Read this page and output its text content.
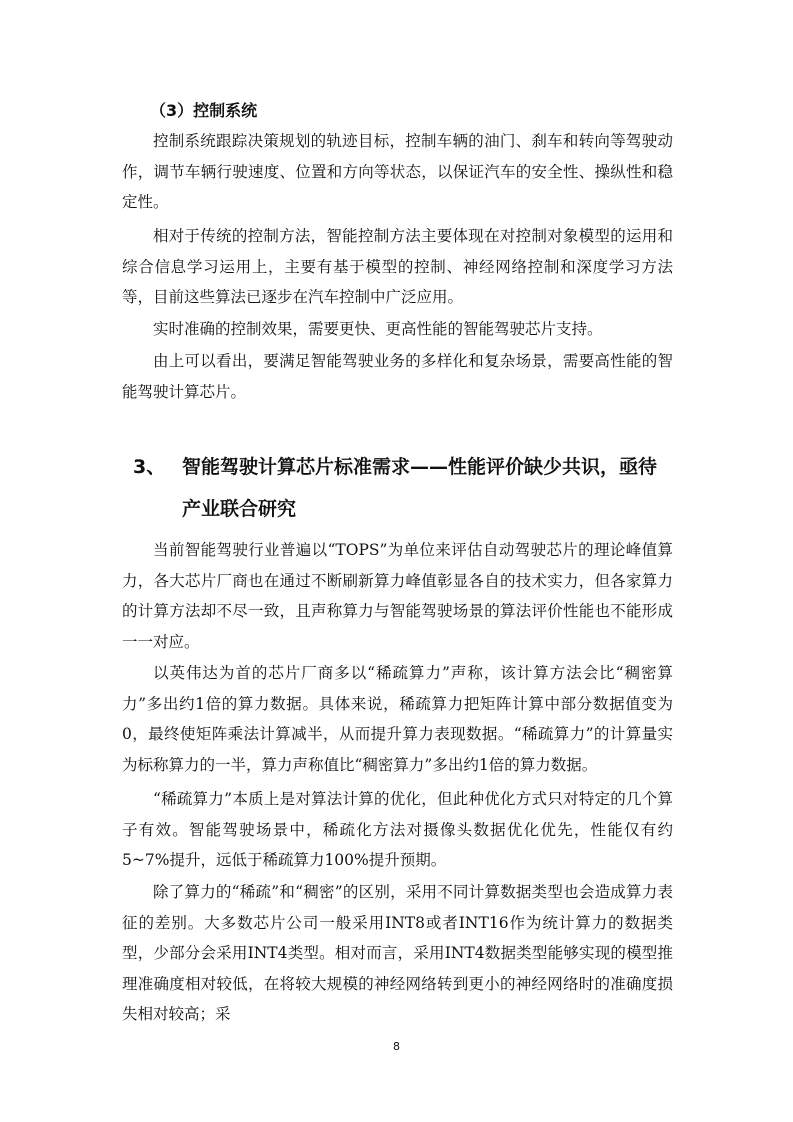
（3）控制系统

控制系统跟踪决策规划的轨迹目标，控制车辆的油门、刹车和转向等驾驶动作，调节车辆行驶速度、位置和方向等状态，以保证汽车的安全性、操纵性和稳定性。

相对于传统的控制方法，智能控制方法主要体现在对控制对象模型的运用和综合信息学习运用上，主要有基于模型的控制、神经网络控制和深度学习方法等，目前这些算法已逐步在汽车控制中广泛应用。

实时准确的控制效果，需要更快、更高性能的智能驾驶芯片支持。

由上可以看出，要满足智能驾驶业务的多样化和复杂场景，需要高性能的智能驾驶计算芯片。

3、 智能驾驶计算芯片标准需求——性能评价缺少共识，亟待
产业联合研究

当前智能驾驶行业普遍以“TOPS”为单位来评估自动驾驶芯片的理论峰值算力，各大芯片厂商也在通过不断刷新算力峰值彰显各自的技术实力，但各家算力的计算方法却不尽一致，且声称算力与智能驾驶场景的算法评价性能也不能形成一一对应。

以英伟达为首的芯片厂商多以“稀疏算力”声称，该计算方法会比“稠密算力”多出约1倍的算力数据。具体来说，稀疏算力把矩阵计算中部分数据值变为0，最终使矩阵乘法计算减半，从而提升算力表现数据。“稀疏算力”的计算量实为标称算力的一半，算力声称值比“稠密算力”多出约1倍的算力数据。

“稀疏算力”本质上是对算法计算的优化，但此种优化方式只对特定的几个算子有效。智能驾驶场景中，稀疏化方法对摄像头数据优化优先，性能仅有约5~7%提升，远低于稀疏算力100%提升预期。

除了算力的“稀疏”和“稠密”的区别，采用不同计算数据类型也会造成算力表征的差别。大多数芯片公司一般采用INT8或者INT16作为统计算力的数据类型，少部分会采用INT4类型。相对而言，采用INT4数据类型能够实现的模型推理准确度相对较低，在将较大规模的神经网络转到更小的神经网络时的准确度损失相对较高；采

8
